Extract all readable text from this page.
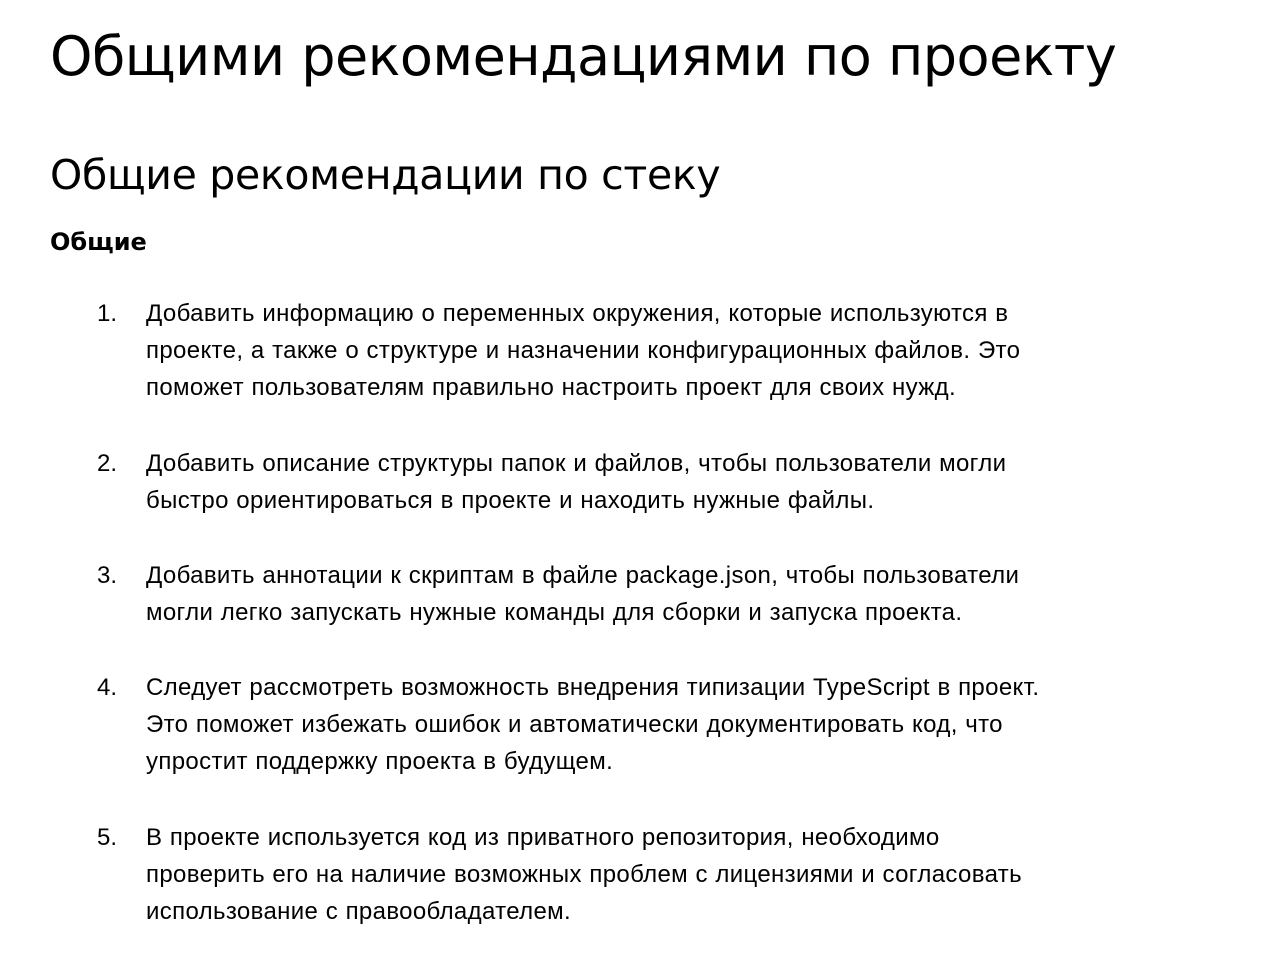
Общими рекомендациями по проекту
Общие рекомендации по стеку
Общие
1. Добавить информацию о переменных окружения, которые используются в
проекте, а также о структуре и назначении конфигурационных файлов. Это
поможет пользователям правильно настроить проект для своих нужд.
2. Добавить описание структуры папок и файлов, чтобы пользователи могли
быстро ориентироваться в проекте и находить нужные файлы.
3. Добавить аннотации к скриптам в файле package.json, чтобы пользователи
могли легко запускать нужные команды для сборки и запуска проекта.
4. Следует рассмотреть возможность внедрения типизации TypeScript в проект.
Это поможет избежать ошибок и автоматически документировать код, что
упростит поддержку проекта в будущем.
5. В проекте используется код из приватного репозитория, необходимо
проверить его на наличие возможных проблем с лицензиями и согласовать
использование с правообладателем.
